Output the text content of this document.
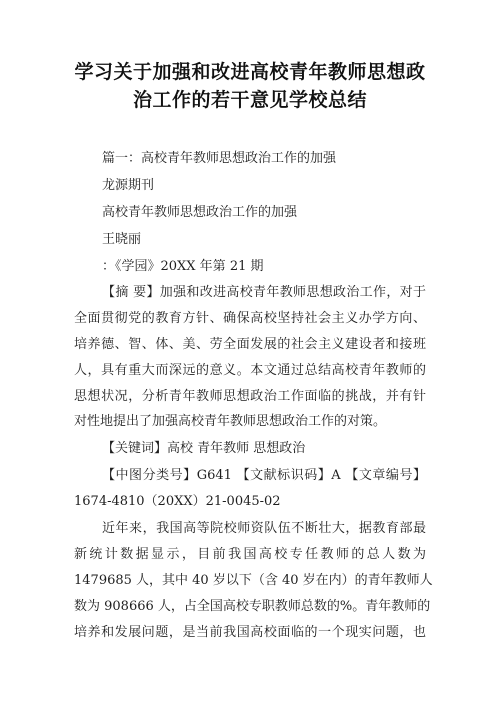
学习关于加强和改进高校青年教师思想政
治工作的若干意见学校总结
篇一：高校青年教师思想政治工作的加强
龙源期刊
高校青年教师思想政治工作的加强
王晓丽
：《学园》20XX 年第 21 期
【摘 要】加强和改进高校青年教师思想政治工作，对于
全面贯彻党的教育方针、确保高校坚持社会主义办学方向、
培养德、智、体、美、劳全面发展的社会主义建设者和接班
人，具有重大而深远的意义。本文通过总结高校青年教师的
思想状况，分析青年教师思想政治工作面临的挑战，并有针
对性地提出了加强高校青年教师思想政治工作的对策。
【关键词】高校 青年教师 思想政治
【中图分类号】G641 【文献标识码】A 【文章编号】
1674-4810（20XX）21-0045-02
近年来，我国高等院校师资队伍不断壮大，据教育部最
新统计数据显示，目前我国高校专任教师的总人数为
1479685 人，其中 40 岁以下（含 40 岁在内）的青年教师人
数为 908666 人，占全国高校专职教师总数的%。青年教师的
培养和发展问题，是当前我国高校面临的一个现实问题，也
